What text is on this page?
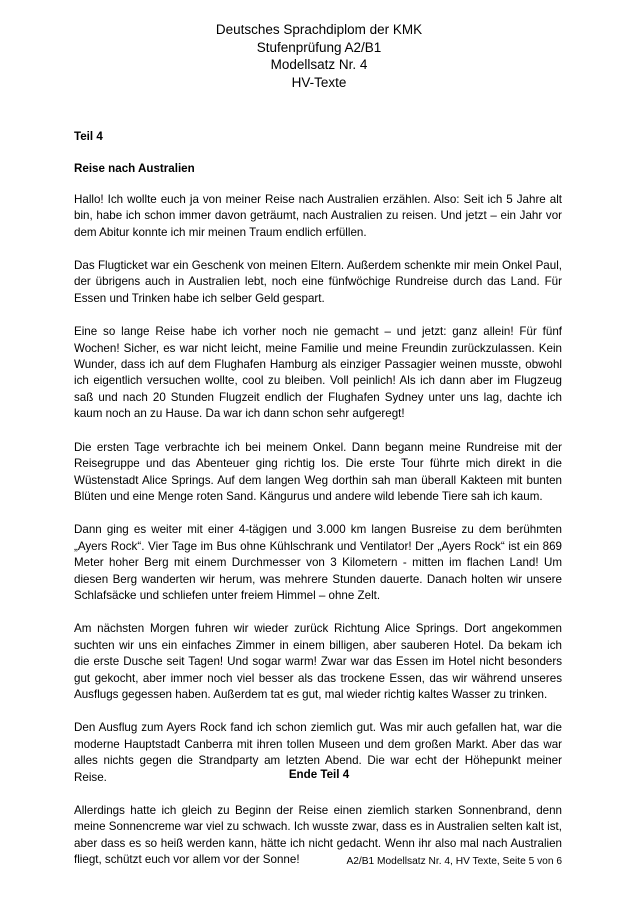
Deutsches Sprachdiplom der KMK
Stufenprüfung A2/B1
Modellsatz Nr. 4
HV-Texte
Teil 4
Reise nach Australien
Hallo! Ich wollte euch ja von meiner Reise nach Australien erzählen. Also: Seit ich 5 Jahre alt bin, habe ich schon immer davon geträumt, nach Australien zu reisen. Und jetzt – ein Jahr vor dem Abitur konnte ich mir meinen Traum endlich erfüllen.
Das Flugticket war ein Geschenk von meinen Eltern. Außerdem schenkte mir mein Onkel Paul, der übrigens auch in Australien lebt, noch eine fünfwöchige Rundreise durch das Land. Für Essen und Trinken habe ich selber Geld gespart.
Eine so lange Reise habe ich vorher noch nie gemacht – und jetzt: ganz allein! Für fünf Wochen! Sicher, es war nicht leicht, meine Familie und meine Freundin zurückzulassen. Kein Wunder, dass ich auf dem Flughafen Hamburg als einziger Passagier weinen musste, obwohl ich eigentlich versuchen wollte, cool zu bleiben. Voll peinlich! Als ich dann aber im Flugzeug saß und nach 20 Stunden Flugzeit endlich der Flughafen Sydney unter uns lag, dachte ich kaum noch an zu Hause. Da war ich dann schon sehr aufgeregt!
Die ersten Tage verbrachte ich bei meinem Onkel. Dann begann meine Rundreise mit der Reisegruppe und das Abenteuer ging richtig los. Die erste Tour führte mich direkt in die Wüstenstadt Alice Springs. Auf dem langen Weg dorthin sah man überall Kakteen mit bunten Blüten und eine Menge roten Sand. Kängurus und andere wild lebende Tiere sah ich kaum.
Dann ging es weiter mit einer 4-tägigen und 3.000 km langen Busreise zu dem berühmten „Ayers Rock“. Vier Tage im Bus ohne Kühlschrank und Ventilator! Der „Ayers Rock“ ist ein 869 Meter hoher Berg mit einem Durchmesser von 3 Kilometern - mitten im flachen Land! Um diesen Berg wanderten wir herum, was mehrere Stunden dauerte. Danach holten wir unsere Schlafsäcke und schliefen unter freiem Himmel – ohne Zelt.
Am nächsten Morgen fuhren wir wieder zurück Richtung Alice Springs. Dort angekommen suchten wir uns ein einfaches Zimmer in einem billigen, aber sauberen Hotel. Da bekam ich die erste Dusche seit Tagen! Und sogar warm! Zwar war das Essen im Hotel nicht besonders gut gekocht, aber immer noch viel besser als das trockene Essen, das wir während unseres Ausflugs gegessen haben. Außerdem tat es gut, mal wieder richtig kaltes Wasser zu trinken.
Den Ausflug zum Ayers Rock fand ich schon ziemlich gut. Was mir auch gefallen hat, war die moderne Hauptstadt Canberra mit ihren tollen Museen und dem großen Markt. Aber das war alles nichts gegen die Strandparty am letzten Abend. Die war echt der Höhepunkt meiner Reise.
Allerdings hatte ich gleich zu Beginn der Reise einen ziemlich starken Sonnenbrand, denn meine Sonnencreme war viel zu schwach. Ich wusste zwar, dass es in Australien selten kalt ist, aber dass es so heiß werden kann, hätte ich nicht gedacht. Wenn ihr also mal nach Australien fliegt, schützt euch vor allem vor der Sonne!
Ende Teil 4
A2/B1 Modellsatz Nr. 4, HV Texte, Seite 5 von 6
